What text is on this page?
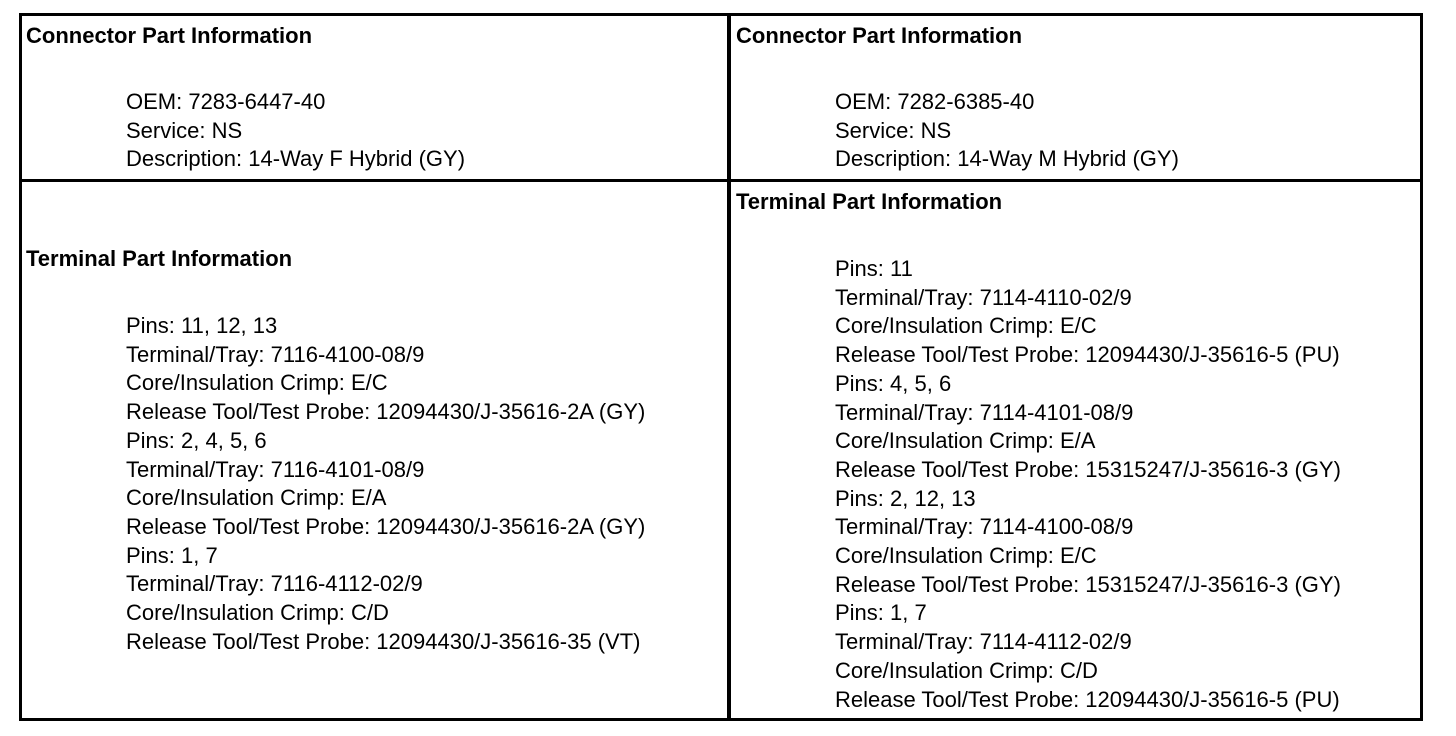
Connector Part Information
OEM: 7283-6447-40
Service: NS
Description: 14-Way F Hybrid (GY)
Connector Part Information
OEM: 7282-6385-40
Service: NS
Description: 14-Way M Hybrid (GY)
Terminal Part Information
Pins: 11, 12, 13
Terminal/Tray: 7116-4100-08/9
Core/Insulation Crimp: E/C
Release Tool/Test Probe: 12094430/J-35616-2A (GY)
Pins: 2, 4, 5, 6
Terminal/Tray: 7116-4101-08/9
Core/Insulation Crimp: E/A
Release Tool/Test Probe: 12094430/J-35616-2A (GY)
Pins: 1, 7
Terminal/Tray: 7116-4112-02/9
Core/Insulation Crimp: C/D
Release Tool/Test Probe: 12094430/J-35616-35 (VT)
Terminal Part Information
Pins: 11
Terminal/Tray: 7114-4110-02/9
Core/Insulation Crimp: E/C
Release Tool/Test Probe: 12094430/J-35616-5 (PU)
Pins: 4, 5, 6
Terminal/Tray: 7114-4101-08/9
Core/Insulation Crimp: E/A
Release Tool/Test Probe: 15315247/J-35616-3 (GY)
Pins: 2, 12, 13
Terminal/Tray: 7114-4100-08/9
Core/Insulation Crimp: E/C
Release Tool/Test Probe: 15315247/J-35616-3 (GY)
Pins: 1, 7
Terminal/Tray: 7114-4112-02/9
Core/Insulation Crimp: C/D
Release Tool/Test Probe: 12094430/J-35616-5 (PU)
